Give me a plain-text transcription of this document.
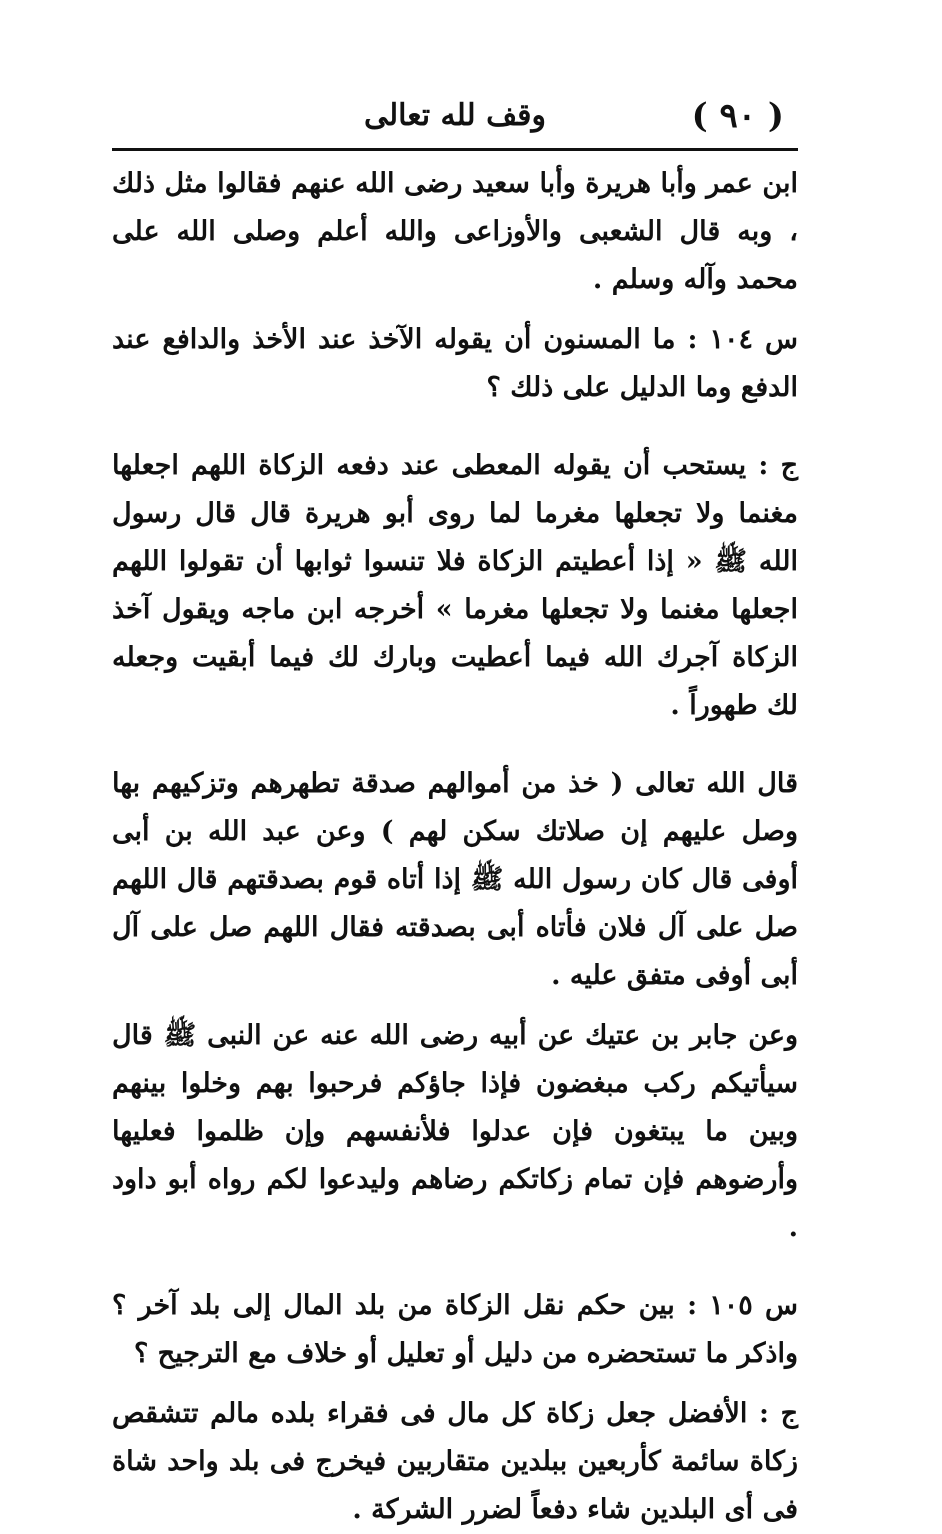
( ٩٠ )
وقف لله تعالى

ابن عمر وأبا هريرة وأبا سعيد رضى الله عنهم فقالوا مثل ذلك ، وبه قال الشعبى والأوزاعى والله أعلم وصلى الله على محمد وآله وسلم .

س ١٠٤ : ما المسنون أن يقوله الآخذ عند الأخذ والدافع عند الدفع وما الدليل على ذلك ؟

ج : يستحب أن يقوله المعطى عند دفعه الزكاة اللهم اجعلها مغنما ولا تجعلها مغرما لما روى أبو هريرة قال قال رسول الله ﷺ « إذا أعطيتم الزكاة فلا تنسوا ثوابها أن تقولوا اللهم اجعلها مغنما ولا تجعلها مغرما » أخرجه ابن ماجه ويقول آخذ الزكاة آجرك الله فيما أعطيت وبارك لك فيما أبقيت وجعله لك طهوراً .

قال الله تعالى ( خذ من أموالهم صدقة تطهرهم وتزكيهم بها وصل عليهم إن صلاتك سكن لهم ) وعن عبد الله بن أبى أوفى قال كان رسول الله ﷺ إذا أتاه قوم بصدقتهم قال اللهم صل على آل فلان فأتاه أبى بصدقته فقال اللهم صل على آل أبى أوفى متفق عليه .

وعن جابر بن عتيك عن أبيه رضى الله عنه عن النبى ﷺ قال سيأتيكم ركب مبغضون فإذا جاؤكم فرحبوا بهم وخلوا بينهم وبين ما يبتغون فإن عدلوا فلأنفسهم وإن ظلموا فعليها وأرضوهم فإن تمام زكاتكم رضاهم وليدعوا لكم رواه أبو داود .

س ١٠٥ : بين حكم نقل الزكاة من بلد المال إلى بلد آخر ؟ واذكر ما تستحضره من دليل أو تعليل أو خلاف مع الترجيح ؟

ج : الأفضل جعل زكاة كل مال فى فقراء بلده مالم تتشقص زكاة سائمة كأربعين ببلدين متقاربين فيخرج فى بلد واحد شاة فى أى البلدين شاء دفعاً لضرر الشركة .
